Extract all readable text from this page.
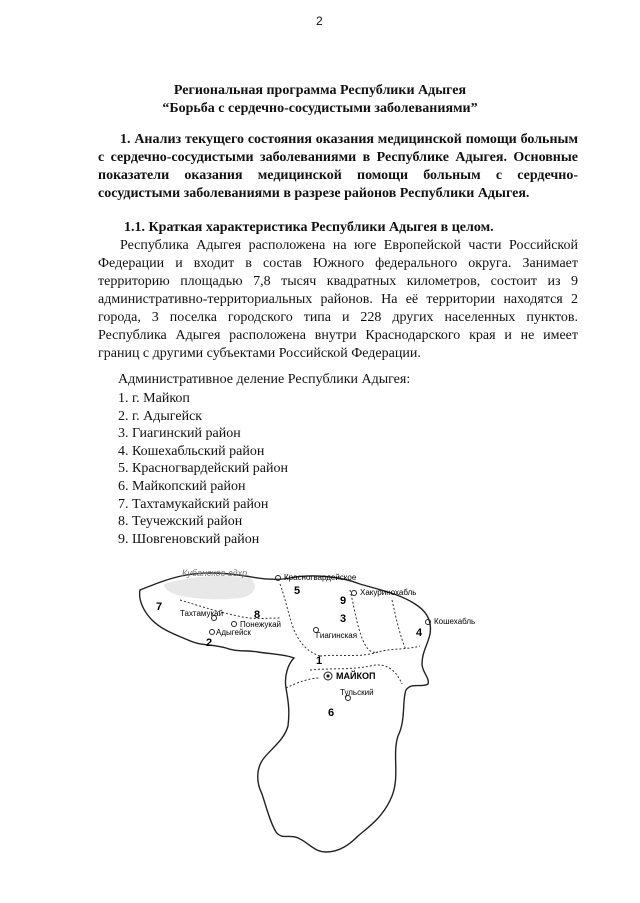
2
Региональная программа Республики Адыгея
“Борьба с сердечно-сосудистыми заболеваниями”
1. Анализ текущего состояния оказания медицинской помощи больным с сердечно-сосудистыми заболеваниями в Республике Адыгея. Основные показатели оказания медицинской помощи больным с сердечно-сосудистыми заболеваниями в разрезе районов Республики Адыгея.
1.1. Краткая характеристика Республики Адыгея в целом.
Республика Адыгея расположена на юге Европейской части Российской Федерации и входит в состав Южного федерального округа. Занимает территорию площадью 7,8 тысяч квадратных километров, состоит из 9 административно-территориальных районов. На её территории находятся 2 города, 3 поселка городского типа и 228 других населенных пунктов. Республика Адыгея расположена внутри Краснодарского края и не имеет границ с другими субъектами Российской Федерации.
Административное деление Республики Адыгея:
1. г. Майкоп
2. г. Адыгейск
3. Гиагинский район
4. Кошехабльский район
5. Красногвардейский район
6. Майкопский район
7. Тахтамукайский район
8. Теучежский район
9. Шовгеновский район
Кубанское вдхр.	Красногвардейское
Хакуринохабль
Тахтамукай
Понежукай
Адыгейск
Кошехабль
Гиагинская
МАЙКОП
Тульский
1
2
3
4
5
6
7
8
9
